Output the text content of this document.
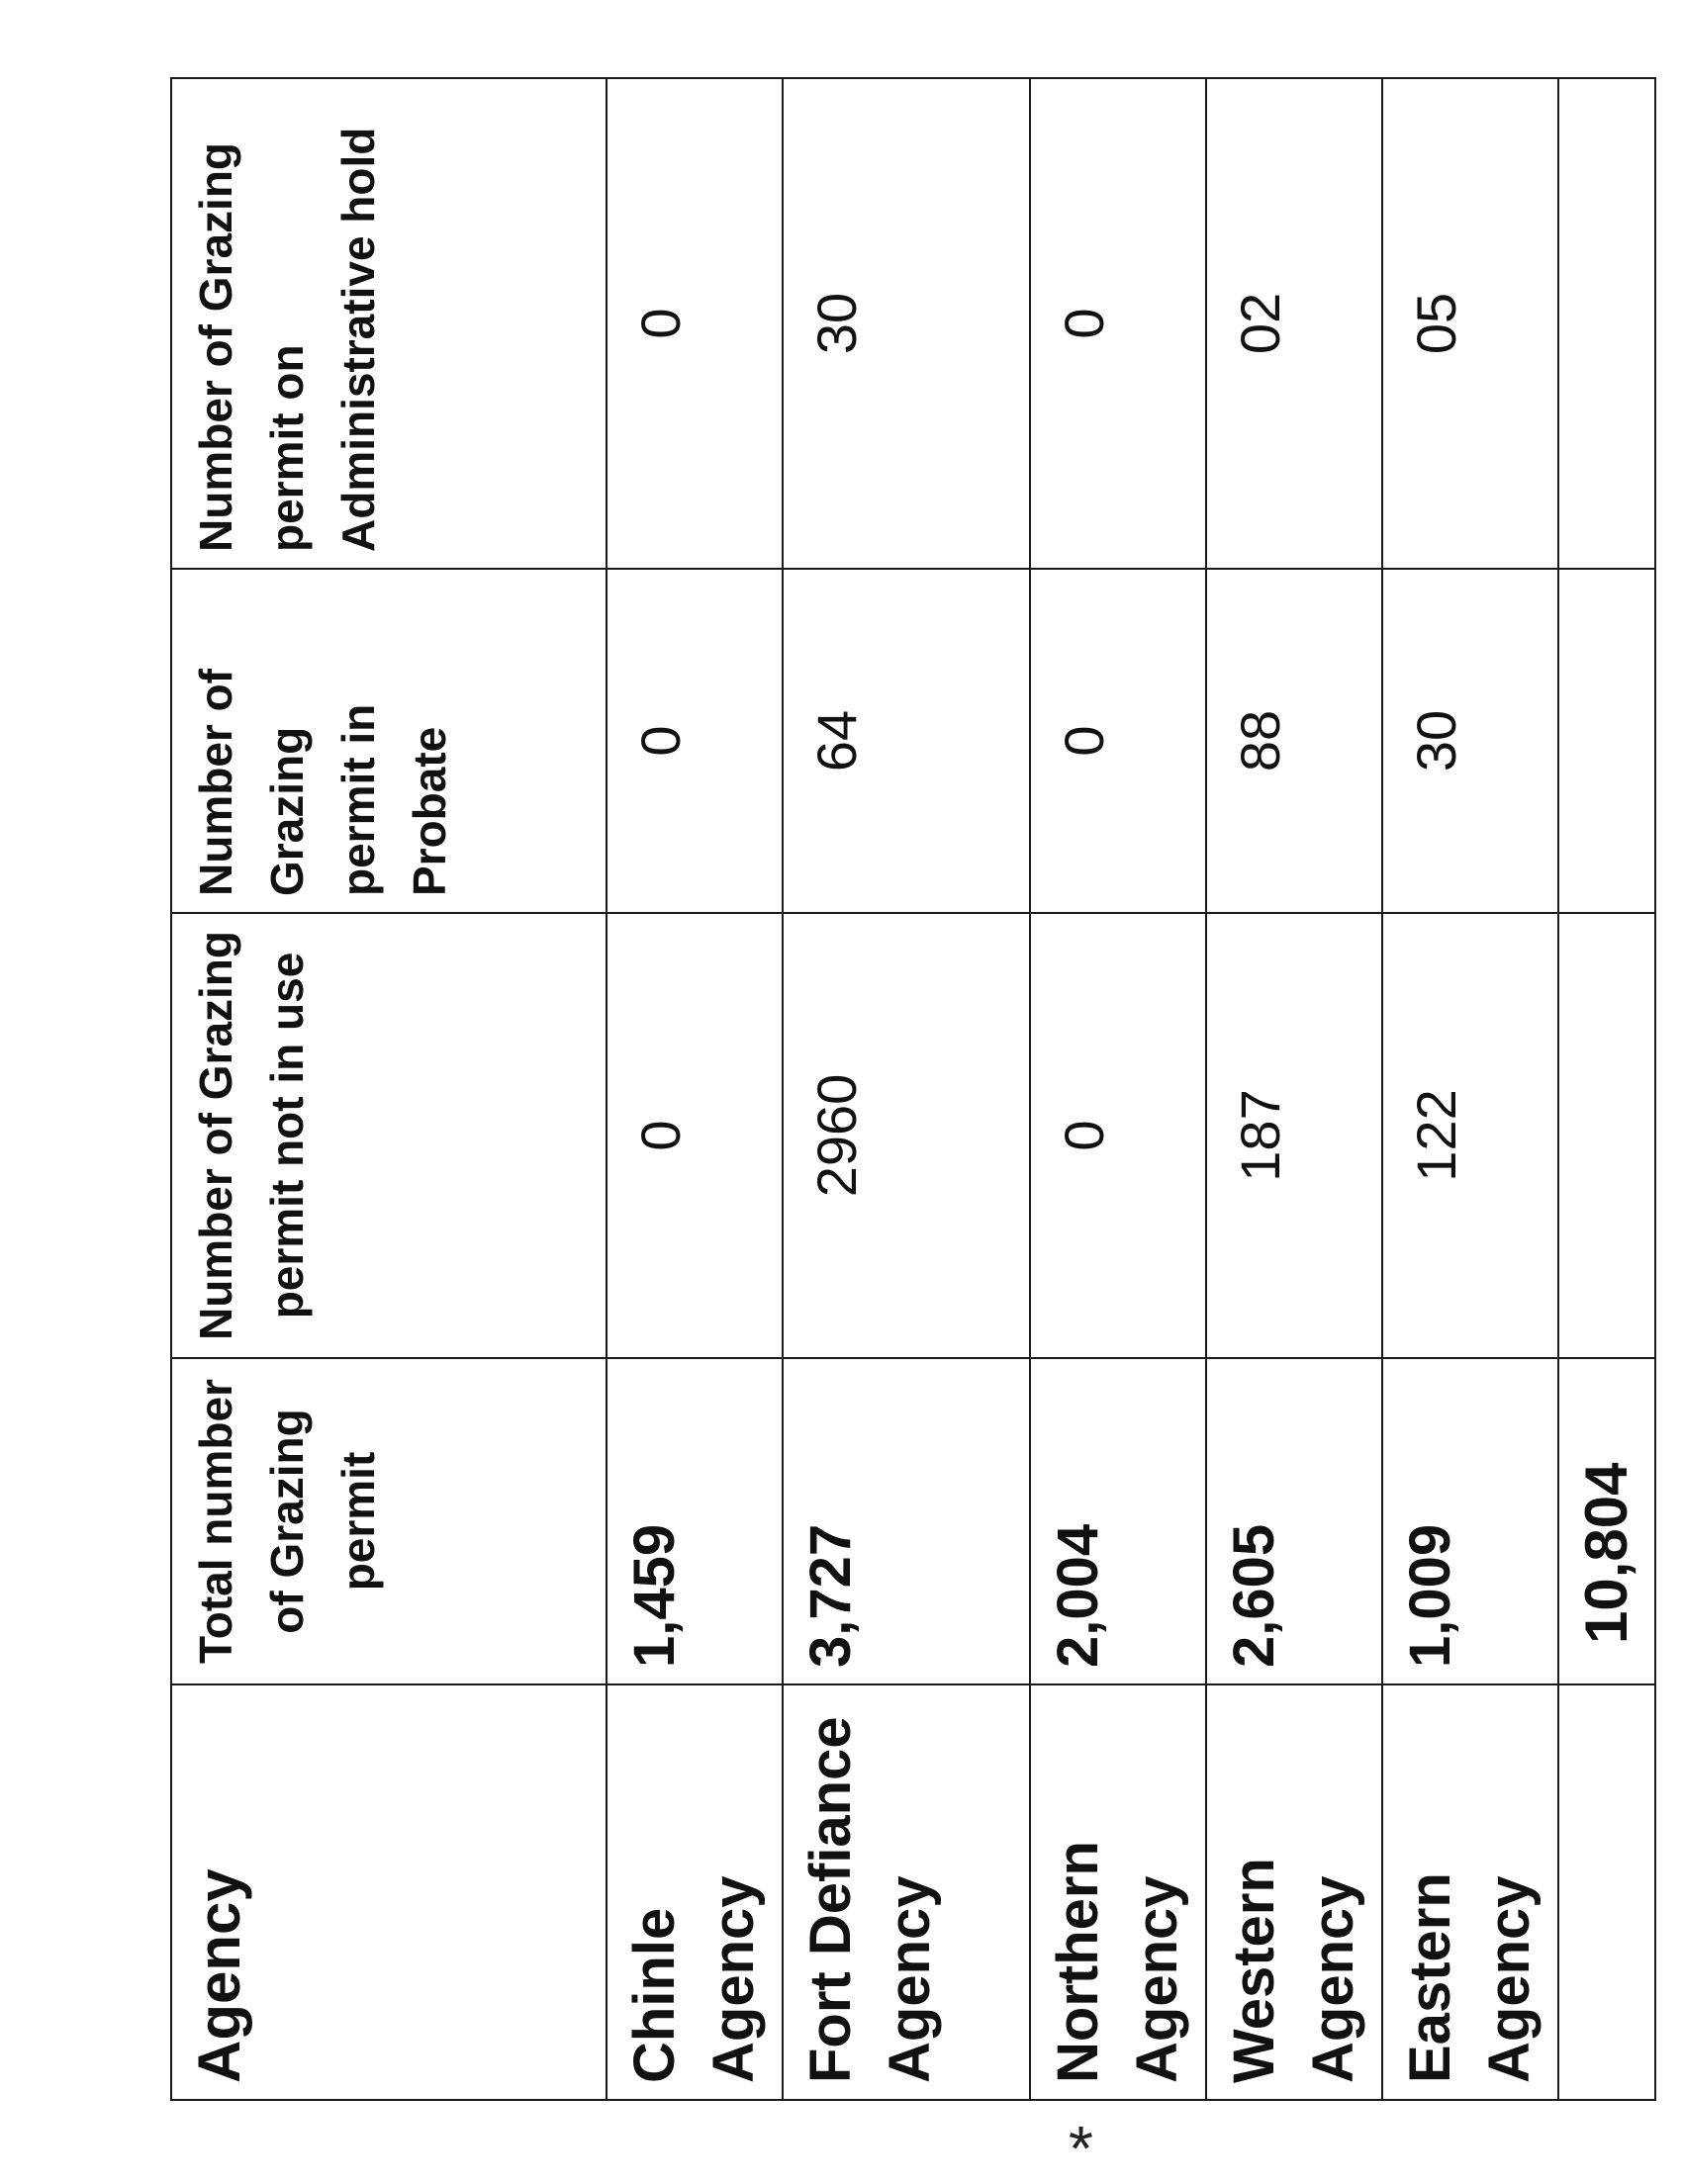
Agency	Total number of Grazing permit	Number of Grazing permit not in use	Number of Grazing permit in Probate	Number of Grazing permit on Administrative hold
Chinle Agency	1,459	0	0	0
Fort Defiance Agency	3,727	2960	64	30
Northern Agency	2,004	0	0	0
Western Agency	2,605	187	88	02
Eastern Agency	1,009	122	30	05
	10,804			
*
